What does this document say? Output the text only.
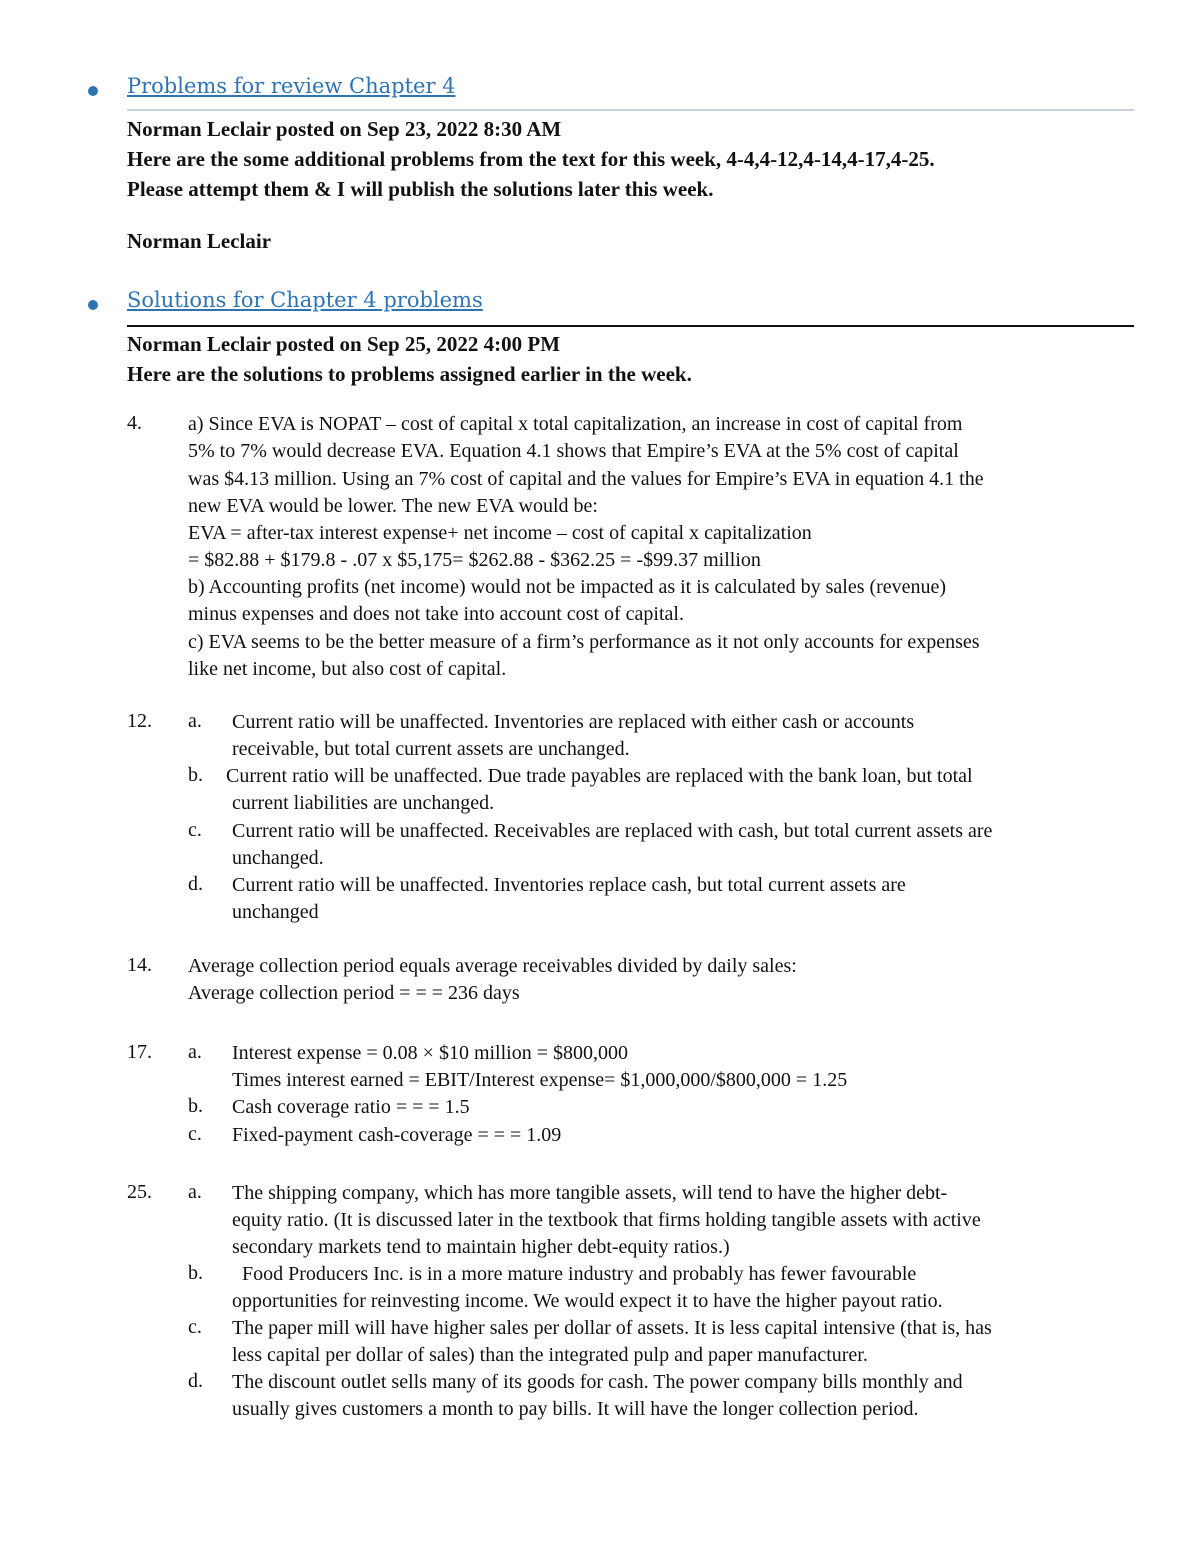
Problems for review Chapter 4
Norman Leclair posted on Sep 23, 2022 8:30 AM
Here are the some additional problems from the text for this week, 4-4,4-12,4-14,4-17,4-25.
Please attempt them & I will publish the solutions later this week.
Norman Leclair
Solutions for Chapter 4 problems
Norman Leclair posted on Sep 25, 2022 4:00 PM
Here are the solutions to problems assigned earlier in the week.
4. a) Since EVA is NOPAT – cost of capital x total capitalization, an increase in cost of capital from
5% to 7% would decrease EVA. Equation 4.1 shows that Empire’s EVA at the 5% cost of capital
was $4.13 million. Using an 7% cost of capital and the values for Empire’s EVA in equation 4.1 the
new EVA would be lower. The new EVA would be:
EVA = after-tax interest expense+ net income – cost of capital x capitalization
= $82.88 + $179.8 - .07 x $5,175= $262.88 - $362.25 = -$99.37 million
b) Accounting profits (net income) would not be impacted as it is calculated by sales (revenue)
minus expenses and does not take into account cost of capital.
c) EVA seems to be the better measure of a firm’s performance as it not only accounts for expenses
like net income, but also cost of capital.
12. a. Current ratio will be unaffected. Inventories are replaced with either cash or accounts
receivable, but total current assets are unchanged.
b. Current ratio will be unaffected. Due trade payables are replaced with the bank loan, but total
current liabilities are unchanged.
c. Current ratio will be unaffected. Receivables are replaced with cash, but total current assets are
unchanged.
d. Current ratio will be unaffected. Inventories replace cash, but total current assets are
unchanged
14. Average collection period equals average receivables divided by daily sales:
Average collection period = = = 236 days
17. a. Interest expense = 0.08 × $10 million = $800,000
Times interest earned = EBIT/Interest expense= $1,000,000/$800,000 = 1.25
b. Cash coverage ratio = = = 1.5
c. Fixed-payment cash-coverage = = = 1.09
25. a. The shipping company, which has more tangible assets, will tend to have the higher debt-
equity ratio. (It is discussed later in the textbook that firms holding tangible assets with active
secondary markets tend to maintain higher debt-equity ratios.)
b. Food Producers Inc. is in a more mature industry and probably has fewer favourable
opportunities for reinvesting income. We would expect it to have the higher payout ratio.
c. The paper mill will have higher sales per dollar of assets. It is less capital intensive (that is, has
less capital per dollar of sales) than the integrated pulp and paper manufacturer.
d. The discount outlet sells many of its goods for cash. The power company bills monthly and
usually gives customers a month to pay bills. It will have the longer collection period.
